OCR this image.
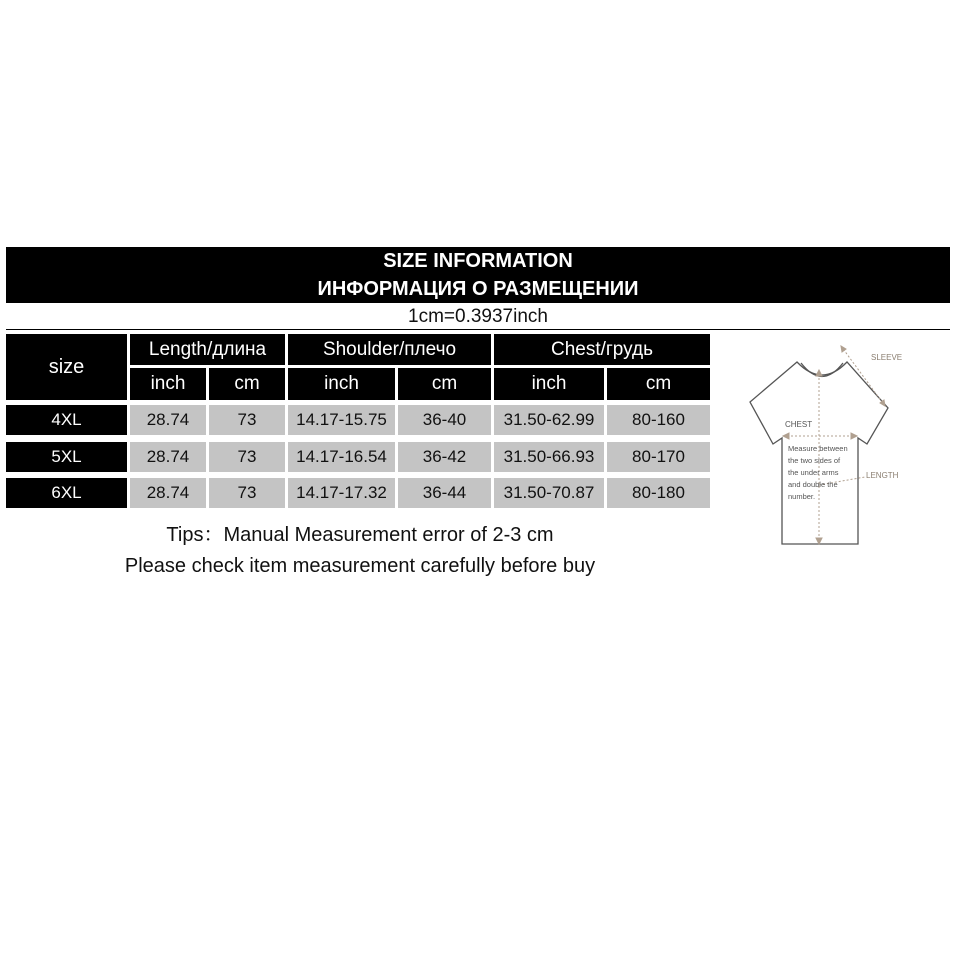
SIZE INFORMATION
ИНФОРМАЦИЯ О РАЗМЕЩЕНИИ
1cm=0.3937inch
size
Length/длина	Shoulder/плечо	Chest/грудь
inch	cm	inch	cm	inch	cm
4XL	28.74	73	14.17-15.75	36-40	31.50-62.99	80-160
5XL	28.74	73	14.17-16.54	36-42	31.50-66.93	80-170
6XL	28.74	73	14.17-17.32	36-44	31.50-70.87	80-180
Tips：Manual Measurement error of 2-3 cm
Please check item measurement carefully before buy
SLEEVE
CHEST
LENGTH
Measure between
the two sides of
the under arms
and double the
number.
